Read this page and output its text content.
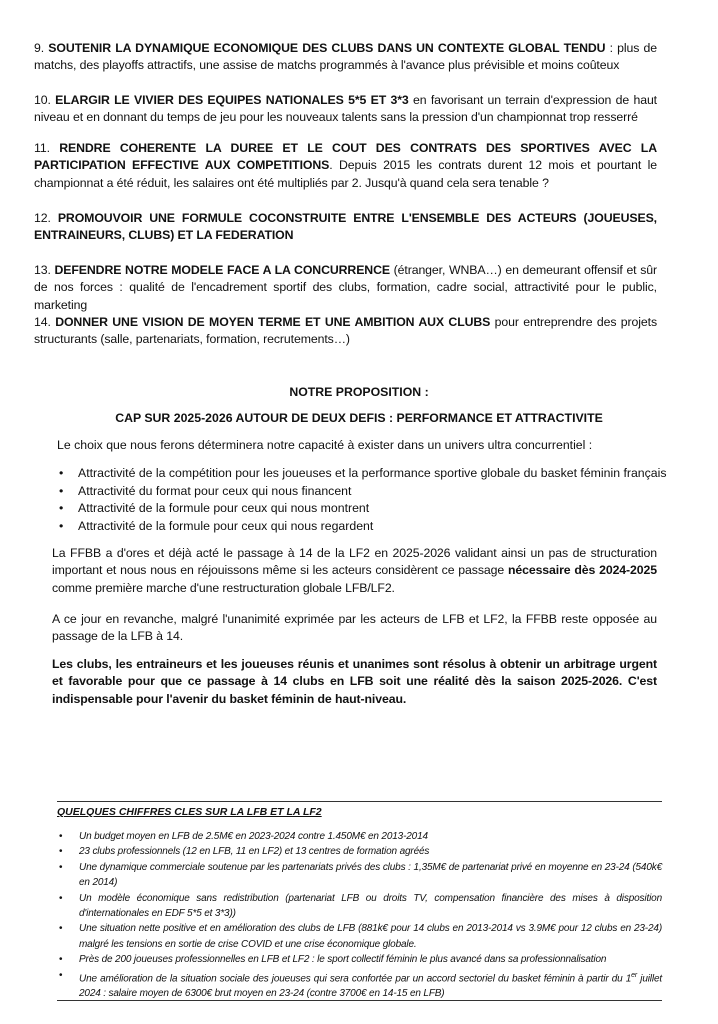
9. SOUTENIR LA DYNAMIQUE ECONOMIQUE DES CLUBS DANS UN CONTEXTE GLOBAL TENDU : plus de matchs, des playoffs attractifs, une assise de matchs programmés à l'avance plus prévisible et moins coûteux

10. ELARGIR LE VIVIER DES EQUIPES NATIONALES 5*5 ET 3*3 en favorisant un terrain d'expression de haut niveau et en donnant du temps de jeu pour les nouveaux talents sans la pression d'un championnat trop resserré

11. RENDRE COHERENTE LA DUREE ET LE COUT DES CONTRATS DES SPORTIVES AVEC LA PARTICIPATION EFFECTIVE AUX COMPETITIONS. Depuis 2015 les contrats durent 12 mois et pourtant le championnat a été réduit, les salaires ont été multipliés par 2. Jusqu'à quand cela sera tenable ?

12. PROMOUVOIR UNE FORMULE COCONSTRUITE ENTRE L'ENSEMBLE DES ACTEURS (JOUEUSES, ENTRAINEURS, CLUBS) ET LA FEDERATION

13. DEFENDRE NOTRE MODELE FACE A LA CONCURRENCE (étranger, WNBA…) en demeurant offensif et sûr de nos forces : qualité de l'encadrement sportif des clubs, formation, cadre social, attractivité pour le public, marketing

14. DONNER UNE VISION DE MOYEN TERME ET UNE AMBITION AUX CLUBS pour entreprendre des projets structurants (salle, partenariats, formation, recrutements…)

NOTRE PROPOSITION :
CAP SUR 2025-2026 AUTOUR DE DEUX DEFIS : PERFORMANCE ET ATTRACTIVITE
Le choix que nous ferons déterminera notre capacité à exister dans un univers ultra concurrentiel :
• Attractivité de la compétition pour les joueuses et la performance sportive globale du basket féminin français
• Attractivité du format pour ceux qui nous financent
• Attractivité de la formule pour ceux qui nous montrent
• Attractivité de la formule pour ceux qui nous regardent

La FFBB a d'ores et déjà acté le passage à 14 de la LF2 en 2025-2026 validant ainsi un pas de structuration important et nous nous en réjouissons même si les acteurs considèrent ce passage nécessaire dès 2024-2025 comme première marche d'une restructuration globale LFB/LF2.

A ce jour en revanche, malgré l'unanimité exprimée par les acteurs de LFB et LF2, la FFBB reste opposée au passage de la LFB à 14.

Les clubs, les entraineurs et les joueuses réunis et unanimes sont résolus à obtenir un arbitrage urgent et favorable pour que ce passage à 14 clubs en LFB soit une réalité dès la saison 2025-2026. C'est indispensable pour l'avenir du basket féminin de haut-niveau.

QUELQUES CHIFFRES CLES SUR LA LFB ET LA LF2
• Un budget moyen en LFB de 2.5M€ en 2023-2024 contre 1.450M€ en 2013-2014
• 23 clubs professionnels (12 en LFB, 11 en LF2) et 13 centres de formation agréés
• Une dynamique commerciale soutenue par les partenariats privés des clubs : 1,35M€ de partenariat privé en moyenne en 23-24 (540k€ en 2014)
• Un modèle économique sans redistribution (partenariat LFB ou droits TV, compensation financière des mises à disposition d'internationales en EDF 5*5 et 3*3))
• Une situation nette positive et en amélioration des clubs de LFB (881k€ pour 14 clubs en 2013-2014 vs 3.9M€ pour 12 clubs en 23-24) malgré les tensions en sortie de crise COVID et une crise économique globale.
• Près de 200 joueuses professionnelles en LFB et LF2 : le sport collectif féminin le plus avancé dans sa professionnalisation
• Une amélioration de la situation sociale des joueuses qui sera confortée par un accord sectoriel du basket féminin à partir du 1er juillet 2024 : salaire moyen de 6300€ brut moyen en 23-24 (contre 3700€ en 14-15 en LFB)
